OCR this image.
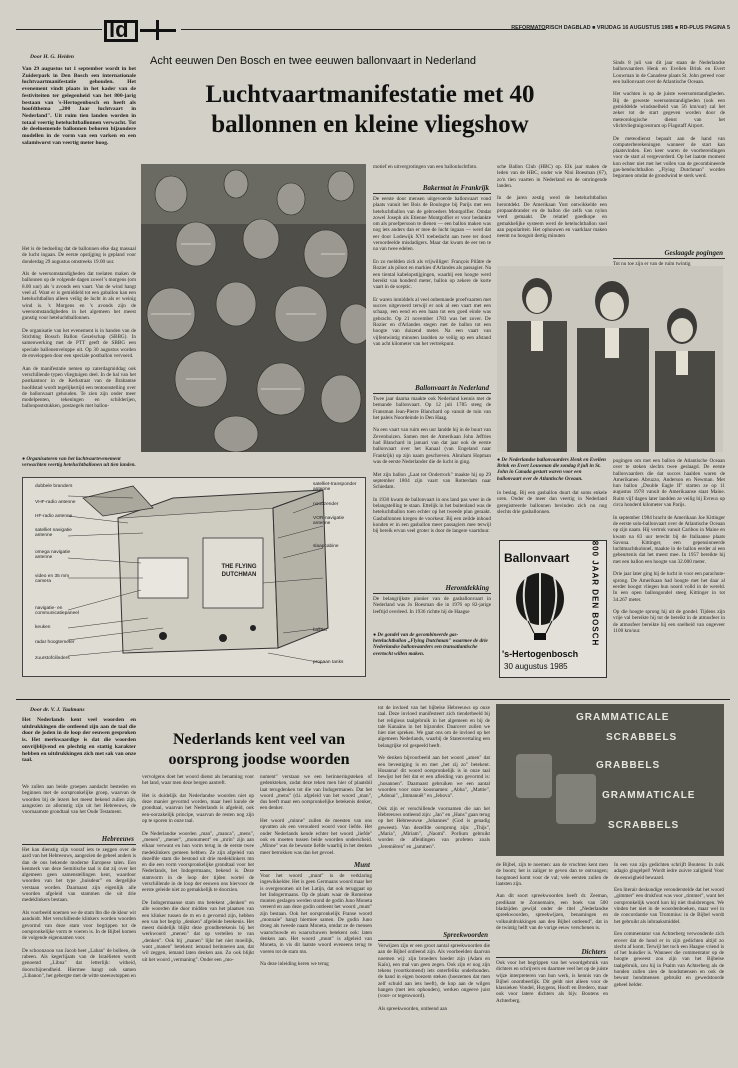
ld	REFORMATORISCH DAGBLAD ■ VRIJDAG 16 AUGUSTUS 1985 ■ RD-PLUS PAGINA 5
Door H. G. Heiden
Van 29 augustus tot 1 september wordt in het Zuiderpark in Den Bosch een internationale luchtvaartmanifestatie gehouden. Het evenement vindt plaats in het kader van de festiviteiten ter gelegenheid van het 800-jarig bestaan van 's-Hertogenbosch en heeft als hoofdthema „200 Jaar luchtvaart in Nederland". Uit ruim tien landen worden in totaal veertig heteluchtballonnen verwacht. Tot de deelnemende ballonnen behoren bijzondere modellen in de vorm van een varken en een salamiworst van veertig meter hoog.
Het is de bedoeling dat de ballonnen elke dag massaal de lucht ingaan. De eerste opstijging is gepland voor donderdag 29 augustus omstreeks 19.00 uur.

Als de weersomstandigheden dat toelaten maken de ballonnen op de volgende dagen zowel 's morgens (om 8.00 uur) als 's avonds een vaart. Van de wind hangt veel af. Want er is gemiddeld tot een gaballon kan een heteluchtballon alleen veilig de lucht in als er weinig wind is. 's Morgens en 's avonds zijn de weersomstandigheden in het algemeen het meest gunstig voor heteluchtballonnen.

De organisatie van het evenement is in handen van de Stichting Bossch Ballon Gezelschap (SBBG). In samenwerking met de PTT geeft de SBBG een speciale ballonenveloppe uit. Op 30 augustus worden de enveloppen door een speciale postballon vervoerd.

Aan de manifestatie nemen op zaterdagmiddag ook verschillende typen vliegtuigen deel. In de hal van het postkantoor in de Kerkstraat van de Brabantse hoofdstad wordt tegelijkertijd een tentoonstelling over de ballonvaart gehouden. Te zien zijn onder meer modelpenten, tekeningen en schilderijen, ballonpoststukken, postzegels met ballon-
Acht eeuwen Den Bosch en twee eeuwen ballonvaart in Nederland
Luchtvaartmanifestatie met 40 ballonnen en kleine vliegshow
● Organisatoren van het luchtvaartevenement verwachten veertig heteluchtballonen uit tien landen.
motief en uitvergrotingen van een ballonluchtfoto.
Bakermat in Frankrijk
De eerste door mensen uitgevoerde ballonvaart vond plaats vanuit het Bois de Boulogne bij Parijs met een heteluchtballon van de gebroeders Montgolfier. Omdat zowel Joseph als Etienne Montgolfier er voor bedankte om als proefpersoon te dienen — een ballon maken was nog iets anders dan er mee de lucht ingaan — werd dat eer door Lodewijk XVI toebedacht aan twee ter dood veroordeelde misdadigers. Maar dat kwam de eer ten te na van twee edelen.

En zo meldden zich als vrijwilliger: François Pilâtre de Rozier als piloot en markies d'Arlandes als passagier. Na een tiental kabelopstijgingen, waarbij een hoogte werd bereikt van honderd meter, ballon op zekere de korte vaart in de sceptic.

Er waren inmiddels al veel onbemande proefvaarten met succes uitgevoerd terwijl er ook al een vaart met een schaap, een eend en een haan tot een goed einde was gebracht. Op 21 november 1783 was het zover. De Rozier en d'Arlandes stegen met de ballon tot een hoogte van duizend meter. Na een vaart van vijfentwintig minuten landden ze veilig op een afstand van acht kilometer van het vertrekpunt.
Ballonvaart in Nederland
Twee jaar daarna maakte ook Nederland kennis met de bemande ballonvaart. Op 12 juli 1785 steeg de Fransman Jean-Pierre Blanchard op vanuit de tuin van het paleis Noordeinde in Den Haag.

Na een vaart van ruim een uur landde hij in de buurt van Zevenhuizen. Samen met de Amerikaan John Jeffries had Blanchard in januari van dat jaar ook de eerste ballonvaart over het Kanaal (van Engeland naar Frankrijk) op zijn naam geschreven. Abraham Hopman was de eerste Nederlander die de lucht in ging.

Met zijn ballon „Laat tot Onderrock" maakte hij op 29 september 1804 zijn vaart van Rotterdam naar Schiedam.

In 1930 kwam de ballonvaart in ons land pas weer in de belangstelling te staan. Ettelijk in het buitenland was de heteluchtballon toen echter op het tweede plan geraakt. Gasballonnen kregen de voorkeur. Bij een zeilde inhoud konden er in een gasballon meer passagiers mee terwijl bij bereik ervan veel groter is door de langere vaartduur.
Herontdekking
De belangrijkste pionier van de gasballonvaart in Nederland was Jo Boesman die in 1976 op 82-jarige leeftijd overleed. In 1936 richtte hij de Haagse
● De gondel van de gecombineerde gas-heteluchtballon „Flying Dutchman" waarmee de drie Nederlandse ballonvaarders een transatlantische overtocht willen maken.
sche Ballon Club (HBC) op. Elk jaar maken de leden van de HBC, onder wie Nini Boesman (67), zo'n tien vaarten in Nederland en de omringende landen.

In de jaren zestig werd de heteluchtballon herontdekt. De Amerikaan Yost ontwikkelde een propaanbrander en de ballon die zelfs van nylon werd gemaakt. De relatief goedkope en gemakkelijke systeem werd de heteluchtballon snel aan populariteit. Het ophouwen en vaarklaar maken neemt nu hooguit dertig minuten
● De Nederlandse ballonvaarders Henk en Evelien Brink en Evert Louwman die zondag 8 juli in St. John in Canada gestart waren voor een ballonvaart over de Atlantische Oceaan.
in beslag. Bij een gasballon duurt dat soms enkele uren. Onder de meer dan veertig in Nederland geregistreerde ballonnen bevinden zich nu nog slechts drie gasballonnen.
Ballonvaart	800 JAAR DEN BOSCH
's-Hertogenbosch
30 augustus 1985
Sinds 8 juli van dit jaar staan de Nederlandse ballonvaarders Henk en Evelien Brink en Evert Louwman in de Canadese plaats St. John gereed voor een ballonvaart over de Atlantische Oceaan.

Het wachten is op de juiste weersomstandigheden. Bij de geweste weersomstandigheden (ook een gemiddelde windsnelheid van 56 km/uur) zal het zeker tot de start gegeven worden door de meteorologische dienst van het vlichtvliegtuigcentrum op Flagstaff Airport.

De meteodienst bepaalt aan de hand van computerberekeningen wanneer de start kan plaatsvinden. Een keer waren de voorbereidingen voor de start al vergevorderd. Op het laatste moment kon echter niet met het vullen van de gecombineerde gas-heteluchtballon „Flying Dutchman" worden begonnen omdat de grondwind te sterk werd.
Geslaagde pogingen
Tot nu toe zijn er van de ruim twintig
pogingen om met een ballon de Atlantische Oceaan over te steken slechts twee geslaagd. De eerste ballonvaarders die dat succes haalden waren de Amerikanen Abruzzo, Anderson en Newman. Met hun ballon „Double Eagle II" starten ze op 11 augustus 1978 vanuit de Amerikaanse staat Maine. Ruim vijf dagen later landden ze veilig bij Evreux op circa honderd kilometer van Parijs.

In september 1984 bracht de Amerikaan Joe Kittinger de eerste solo-ballonvaart over de Atlantische Oceaan op zijn naam. Hij vertrok vanuit Caribou in Maine en kwam na 83 uur terecht bij de Italiaanse plaats Savona. Kittinger, een gepensioneerde luchtmachtkolonel, maakte in de ballon eerder al een gebeurtenis dat het meest mee. In 1957 bereikte hij met een ballon een hoogte van 32.000 meter.

Drie jaar later ging hij de lucht in voor een parachute-sprong. De Amerikaan had hoogte met het daar al eerder hoogst vliegen hun noord volld in de wereld. In een open ballongondel steeg Kittinger in tot 34.267 meter.

Op die hoogte sprong hij uit de gondel. Tijdens zijn vrije val bereikte hij tot de bereikt in de atmosfeer in de atmosfeer bereikte hij een snelheid van ongeveer 1100 km/uur.
dubbele branders
VHF-radio antenne
HF-radio antenne
satelliet navigatie antenne
omega navigatie antenne
video en 35 mm camera
navigatie- en communicatiepaneel
keuken
radar hoogtemeter
zuurstofcilinders
satelliet-transponder antenne
noodzender
VOR-navigatie antenne
slaapcabine
ballast
propaan tanks
THE FLYING DUTCHMAN
Door dr. V. J. Taalmans
Het Nederlands kent veel woorden en uitdrukkingen die ontleend zijn aan de taal die door de joden in de loop der eeuwen gesproken is. Het merkwaardige is dat die woorden onvrijblijvend en plechtig en stattig karakter hebben en uitdrukkingen zich met sak van onze taal.
We zullen aan beide groepen aandacht besteden en beginnen met de oorspronkelijke groep, waarvan de woorden bij de lezers het meest bekend zullen zijn, aangezien zo allomstig zijn uit het Hebreeuws, de voornaamste grondtaal van het Oude Testament.
Hebreeuws
Het kan dienstig zijn vooraf iets te zeggen over de aard van het Hebreeuws, aangezien de geheel anders is dan de ons bekende moderne Europese talen. Een kenmerk van deze Semitische taal is dat zij over het algemeen geen samenstellingen kent, waardoor woorden van het type „huisdeur" en dergelijke verstaan worden. Daarnaast zijn eigenlijk alle woorden afgeleid van stammen die uit drie medeklinkers bestaan.

Als voorbeeld noemen we de stam lbn die de kleur wit aanduidt. Met verschillende klinkers worden woorden gevormd van deze stam voor begrippen tot de oorspronkelijke vorm te voeren is. In de Bijbel komen de volgende eigennamen voor.

De schoonzoon van Jacob heet „Laban" de bolleen, de rabeen. Als kegerlijaats van de Israëlieten wordt genoemd „Libna" dat letterlijk: witheid, doorschijnendheid. Hiermee hangt ook samen „Libanon", het gebergte met de witte sneeuwtoppen en
Nederlands kent veel van oorsprong joodse woorden
vervolgens doet het woord dienst als benaming voor het land, waar men deze bergen aantreft.

Het is duidelijk dat Nederlandse woorden niet op deze manier gevormd worden, maar heel kunde de grondtaal, waarvan het Nederlands is afgeleid, ook een-oorzakelijk principe, waarvan de resten nog zijn op te sporen in onze taal.

De Nederlandse woorden „man", „manca", „mens", „menen", „mener", „monument" en „mrin" zijn aan elkaar verwant en hun vorm terug in de eerste twee medeklinkers gemeen hebben. Ze zijn afgeleid van dezelfde stam die bestond uit drie medeklinkers mn en die een vorm voorspronkelijke grondtaal voor het Nederlands, het Indogermaans, bekend is. Deze stamvorm in de loop der tijden wortel de verschillende in de loop der eeuwen ons hiervoor de eerste geleide niet zo gemakkelijk te doorzien.

De Indogermaanse stam mn betekent „denken" en alle woorden die door midden van het plaatsen van een klinker tussen de m en n gevormd zijn, hebben een van het begrip „denken" afgeleide betekenis. Het meest duidelijk blijkt deze grondbetekenis bij het werkwoord „menen" dat op vertellen te van „denken". Ook bij „manen" lijkt het niet moeilijk, want „manen" betekent: iemand herinneren aan, dat wil zeggen, iemand laten denken aan. Zo ook blijkt uit het woord „vermaning". Onder een „mo-
nument" verstaan we een herinneringsteken of gedenkteken, zodat deze teken men hier of plaatsbil laat terugdenken tot die van Indogermanen. Dat het woord „mens" (d.i. afgeleid van het woord „man", dus heeft maar een oorspronkelijke betekenis denker, een denker.

Het woord „minne" zullen de meesten van ons opvatten als een verouderd woord voor liefde. Het onder Nederlands kende echter het woord „liefde" ook en moeten tussen beide woorden onderscheid. „Minne" was de bewuste liefde waarbij in het denken meer betrokken was dan het gevoel.
Munt
Voor het woord „munt" is de verklaring ingewikkelder. Het is geen Germaans woord maar het is overgenomen uit het Latijn, dat ook teruggaat op het Indogermaans. Op de plaats waar de Romeinse munten geslagen werden stond de godin Juno Moneta vereerd en aan deze godin ontleent het woord „munt" zijn bestaan. Ook het oorspronkelijk Franse woord „monnaie" hangt hiermee samen. De godin Juno droeg als tweede naam Moneta, omdat ze de mensen waarschuwde en waarschuwen betekent ook: laten denken aan. Het woord „munt" is afgeleid van Moneta, in vis dit laatste woord eveneens terug te voeren tot de stam mn.

Na deze inleiding keren we terug
tot de invloed van het bijbelse Hebreeuws op onze taal. Deze invloed manifesteert zich tienderbeeld bij het religieus taalgebruik in het algemeen en bij de tale Kanaäns in het bijzonder. Daarover zullen we hier niet spreken. We gaat ons om de invloed op het algemeen Nederlands, waarbij de Statenvertaling een belangrijke rol gespeeld heeft.

We denken bijvoorbeeld aan het woord „amen" dat een bevestiging is en met „het zij zo" betekent. Hosanna! dit woord oorspronkelijk is in onze taal bewijst het feit dat er een afleiding van gevormd is: „hosannen". Daarnaast gebruiken we een aantal woorden voor onze koosnamen: „Abba", „Mattie", „Adonai", „Immanuël" en „Jehova".

Ook zijn er verschillende voornamen die aan het Hebreeuws ontleend zijn: „Jan" en „Hans" gaan terug op het Hebreeuwse „Johannes" (God is genadig geweest). Van dezelfde oorsprong zijn: „Thijs", „Maria", „Miriam", „Naomi". Porlium gebruikt worden de afleidingen van profeten zoals „Jeremiëren" en „jammen".
Spreekwoorden
Verwijzen zijn er een groot aantal spreekwoorden die aan de Bijbel ontleend zijn. Als voorbeelden daarvan noemen wij: zijn broeders hoeder zijn (Adam en Kaïn), een mal van geen zegen. Ook zijn er nog zijn tekens (voortkomend) iets onterfeliks onderhouden. de hand in eigen boezem steken (hoezemen dat men zelf schuld aan iets heeft), de kop aan de wilgen hangen (met iets ophouden), werken ongeeve juist (voor- or tegenwoord).

Als spreekwoorden, ontleend aan
GRAMMATICALE
SCRABBELS
GRABBELS
GRAMMATICALE
SCRABBELS
de Bijbel, zijn te noemen: aan de vruchten kent men de boom; het is zaliger te geven dan te ontvangen; hoogmoed komt voor de val; vele eersten zullen de laatsten zijn.

Aan dit soort spreekwoorden heeft dr. Zeeman, predikant te Zonnemaire, een boek van 500 bladzijden gewijd onder de titel „Nederlandse spreekwoorden, spreekwijzen, benamingen en volksuitdrukkingen aan den Bijbel ontleend", dat in de twintig helft van de vorige eeuw verschenen is.
Dichters
Ook voor het begrippen van het woordgebruik van dichters en schrijvers en daarmee veel het op de juiste wijze interpreteren van hun werk, is kennis van de Bijbel onontbeerlijk. Dit geldt niet alleen voor de klassieken Vondel, Huygens, Hooft en Bredero, maar ook voor latere dichters als bijv. Boutens en Achterberg.
In een van zijn gedichten schrijft Boutens: In zulk adagio gingelpel! Wordt iedre zuivre zaligheid Voor de eeuwigheid bewaard.

Een literair deskundige veronderstelde dat het woord „gimmer" een drukfout was voor „timmer", want het oorspronkelijk woord kon hij niet thuisbrengen. We vinden het niet in de woordenboeken, maar wel in de concordantie van Trommius: in de Bijbel wordt het gebruikt als inbraaksmiddel.

Een commentator van Achterberg verwonderde zich erover dat de hond er in zijn gedichten altijd zo slecht af komt. Terwijl het toch een Haagse vriend is of het huisdier is. Wanneer die commentator op de hoogte geweest zou zijn van het Bijbelse taalgebruik, zou hij in Psalm van Achterberg als de honden zullen zien de hondsmensen en ook de bewust hondmensen gebruikt en gewedstoorde geheel helder.
